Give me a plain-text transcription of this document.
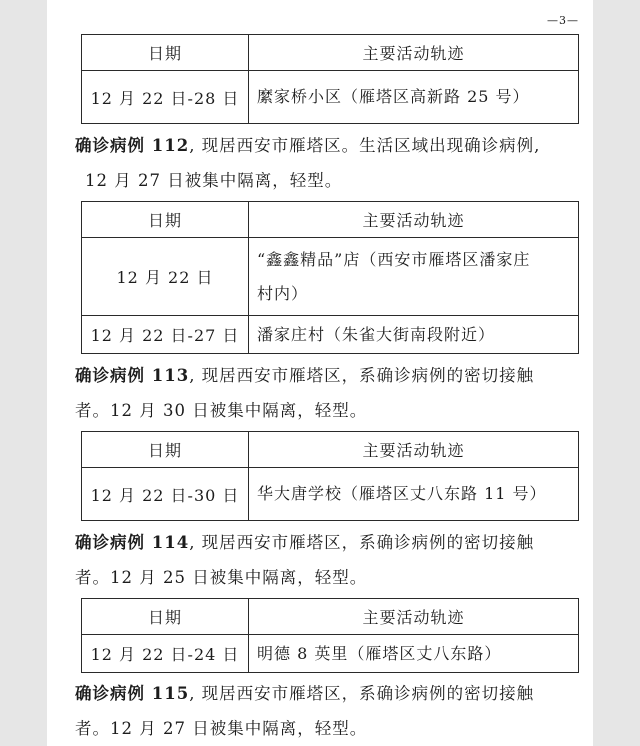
—3—
日期	主要活动轨迹
12 月 22 日-28 日	縻家桥小区（雁塔区高新路 25 号）
确诊病例 112, 现居西安市雁塔区。生活区域出现确诊病例,
12 月 27 日被集中隔离，轻型。
日期	主要活动轨迹
12 月 22 日	“鑫鑫精品”店（西安市雁塔区潘家庄
村内）

12 月 22 日-27 日	潘家庄村（朱雀大街南段附近）
确诊病例 113, 现居西安市雁塔区，系确诊病例的密切接触
者。12 月 30 日被集中隔离，轻型。
日期	主要活动轨迹
12 月 22 日-30 日	华大唐学校（雁塔区丈八东路 11 号）
确诊病例 114, 现居西安市雁塔区，系确诊病例的密切接触
者。12 月 25 日被集中隔离，轻型。
日期	主要活动轨迹
12 月 22 日-24 日	明德 8 英里（雁塔区丈八东路）
确诊病例 115, 现居西安市雁塔区，系确诊病例的密切接触
者。12 月 27 日被集中隔离，轻型。
